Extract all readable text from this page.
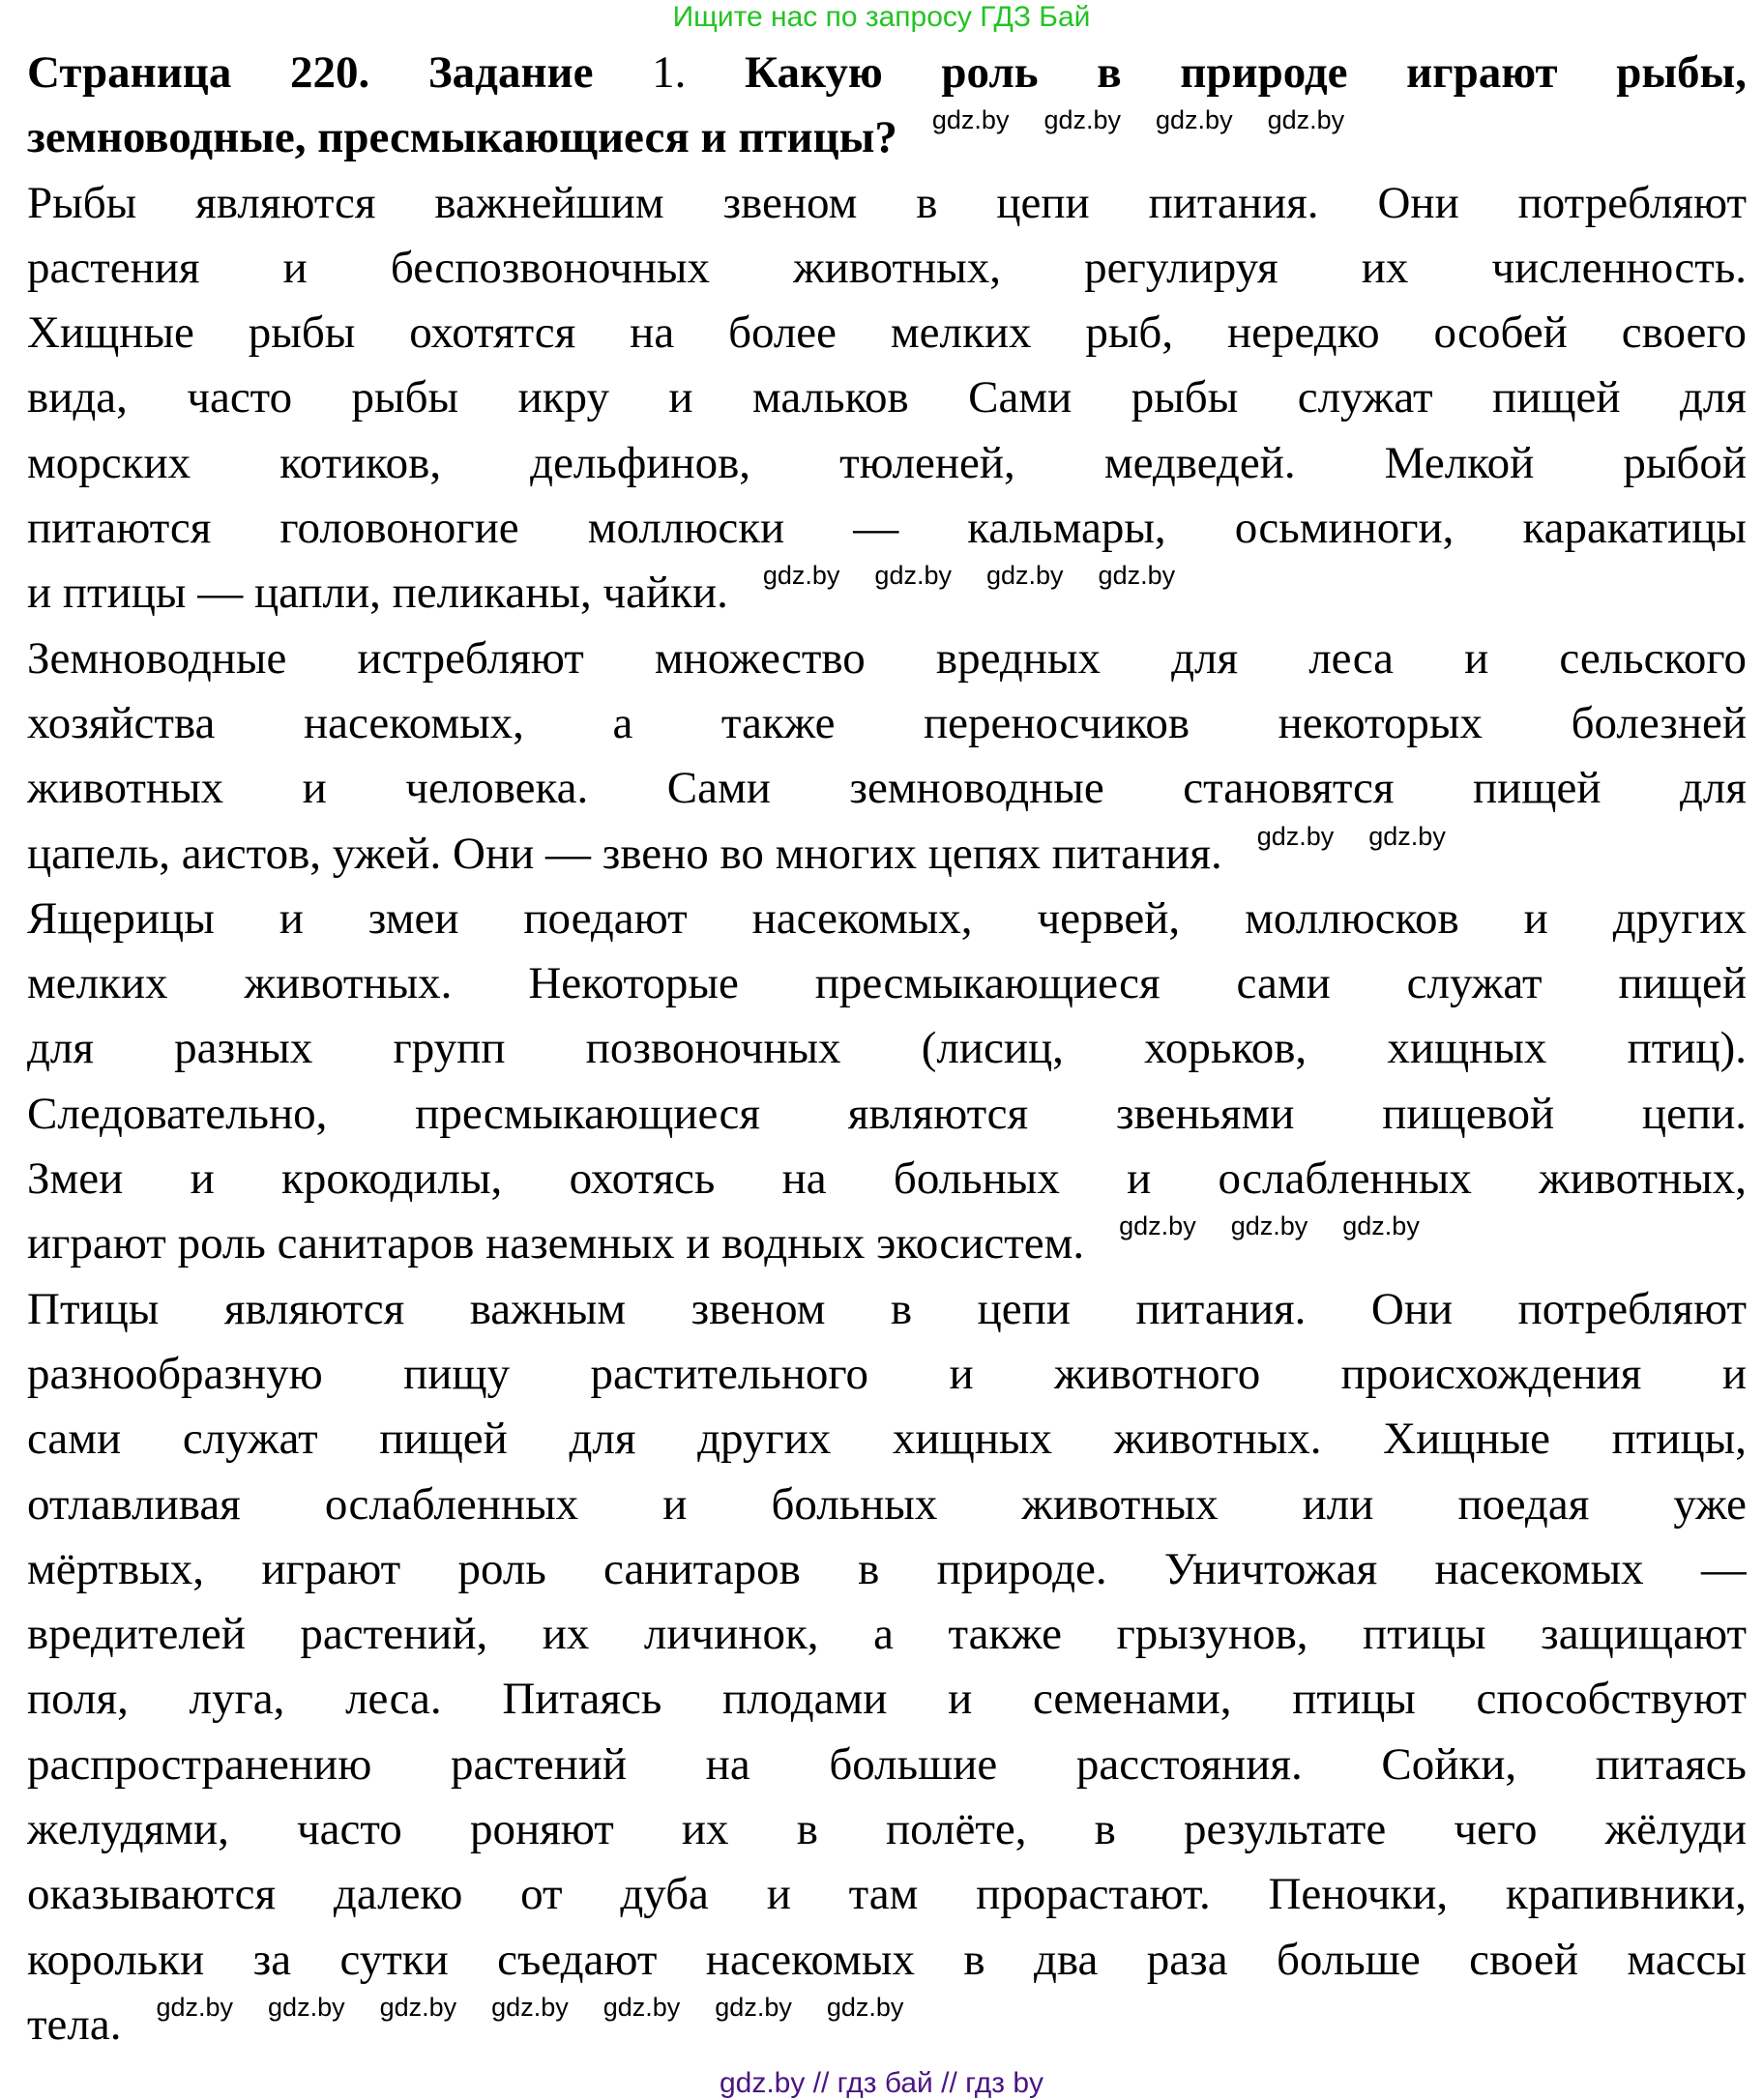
Ищите нас по запросу ГДЗ Бай
Страница 220. Задание 1. Какую роль в природе играют рыбы,
земноводные, пресмыкающиеся и птицы? gdz.by gdz.by gdz.by gdz.by
Рыбы являются важнейшим звеном в цепи питания. Они потребляют
растения и беспозвоночных животных, регулируя их численность.
Хищные рыбы охотятся на более мелких рыб, нередко особей своего
вида, часто рыбы икру и мальков Сами рыбы служат пищей для
морских котиков, дельфинов, тюленей, медведей. Мелкой рыбой
питаются головоногие моллюски — кальмары, осьминоги, каракатицы
и птицы — цапли, пеликаны, чайки. gdz.by gdz.by gdz.by gdz.by
Земноводные истребляют множество вредных для леса и сельского
хозяйства насекомых, а также переносчиков некоторых болезней
животных и человека. Сами земноводные становятся пищей для
цапель, аистов, ужей. Они — звено во многих цепях питания. gdz.by gdz.by
Ящерицы и змеи поедают насекомых, червей, моллюсков и других
мелких животных. Некоторые пресмыкающиеся сами служат пищей
для разных групп позвоночных (лисиц, хорьков, хищных птиц).
Следовательно, пресмыкающиеся являются звеньями пищевой цепи.
Змеи и крокодилы, охотясь на больных и ослабленных животных,
играют роль санитаров наземных и водных экосистем. gdz.by gdz.by gdz.by
Птицы являются важным звеном в цепи питания. Они потребляют
разнообразную пищу растительного и животного происхождения и
сами служат пищей для других хищных животных. Хищные птицы,
отлавливая ослабленных и больных животных или поедая уже
мёртвых, играют роль санитаров в природе. Уничтожая насекомых —
вредителей растений, их личинок, а также грызунов, птицы защищают
поля, луга, леса. Питаясь плодами и семенами, птицы способствуют
распространению растений на большие расстояния. Сойки, питаясь
желудями, часто роняют их в полёте, в результате чего жёлуди
оказываются далеко от дуба и там прорастают. Пеночки, крапивники,
корольки за сутки съедают насекомых в два раза больше своей массы
тела. gdz.by gdz.by gdz.by gdz.by gdz.by gdz.by gdz.by
gdz.by // гдз бай // гдз by
